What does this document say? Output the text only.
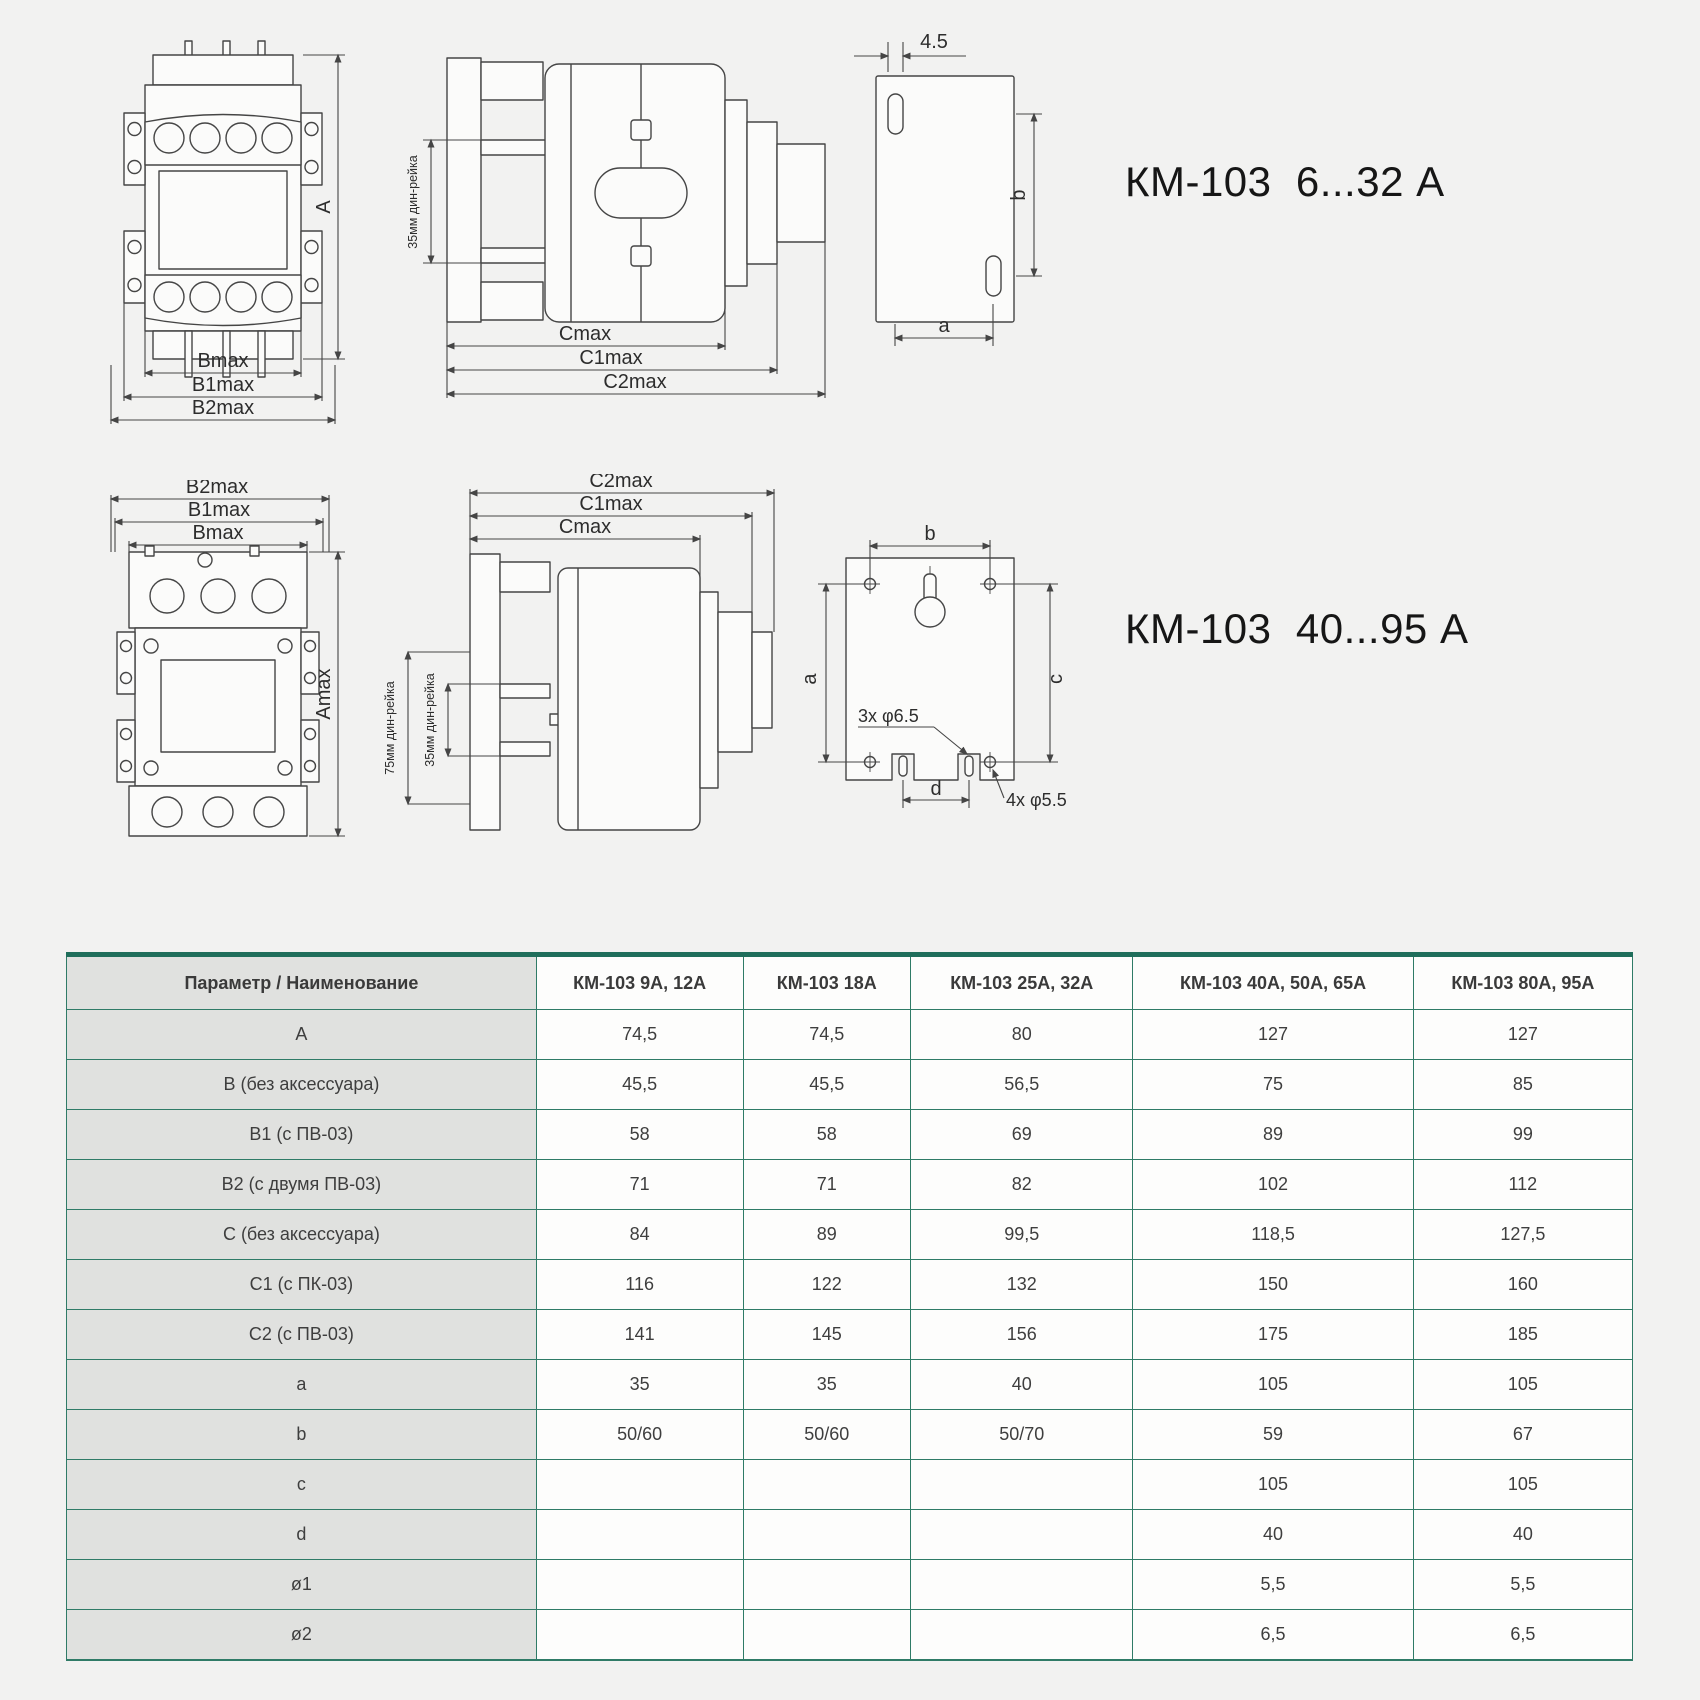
A
Bmax
B1max
B2max
35мм дин-рейка
Cmax
C1max
C2max
4.5
b
a
КМ-103  6...32 А
B2max
B1max
Bmax
Amax
C2max
C1max
Cmax
35мм дин-рейка
75мм дин-рейка
b
a	c
d
3x φ6.5
4x φ5.5
КМ-103  40...95 А
Параметр / Наименование	КМ-103 9А, 12А	КМ-103 18А	КМ-103 25А, 32А	КМ-103 40А, 50А, 65А	КМ-103 80А, 95А
A	74,5	74,5	80	127	127
B (без аксессуара)	45,5	45,5	56,5	75	85
B1 (с ПВ-03)	58	58	69	89	99
B2 (с двумя ПВ-03)	71	71	82	102	112
C (без аксессуара)	84	89	99,5	118,5	127,5
C1 (с ПК-03)	116	122	132	150	160
C2 (с ПВ-03)	141	145	156	175	185
a	35	35	40	105	105
b	50/60	50/60	50/70	59	67
c				105	105
d				40	40
ø1				5,5	5,5
ø2				6,5	6,5
